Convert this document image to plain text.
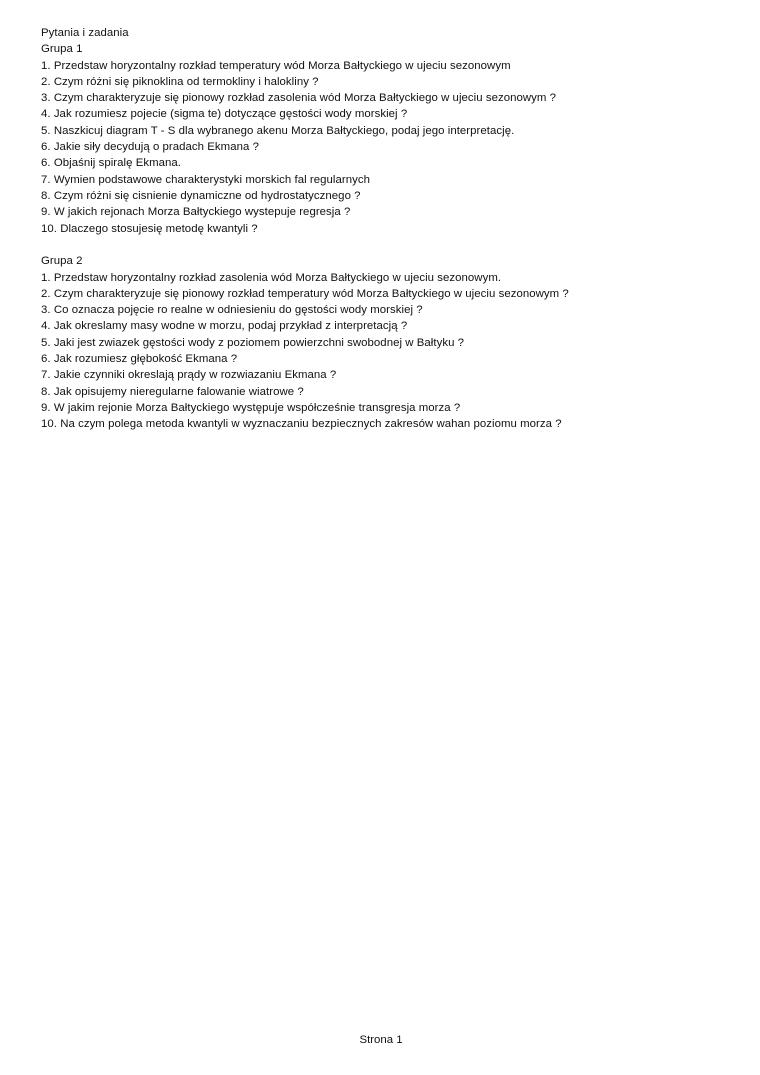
Pytania i zadania
Grupa 1
1. Przedstaw horyzontalny rozkład temperatury wód Morza Bałtyckiego w ujeciu sezonowym
2. Czym różni się piknoklina od termokliny i halokliny ?
3. Czym charakteryzuje się pionowy rozkład zasolenia wód Morza Bałtyckiego w ujeciu sezonowym ?
4. Jak rozumiesz pojecie (sigma te) dotyczące gęstości wody morskiej ?
5. Naszkicuj diagram T - S dla wybranego akenu Morza Bałtyckiego, podaj jego interpretację.
6. Jakie siły decydują o pradach Ekmana ?
6. Objaśnij spiralę Ekmana.
7. Wymien podstawowe charakterystyki morskich fal regularnych
8. Czym różni się cisnienie dynamiczne od hydrostatycznego ?
9. W jakich rejonach Morza Bałtyckiego wystepuje regresja ?
10. Dlaczego stosujesię metodę kwantyli ?
Grupa 2
1. Przedstaw horyzontalny rozkład zasolenia wód Morza Bałtyckiego w ujeciu sezonowym.
2. Czym charakteryzuje się pionowy rozkład temperatury wód Morza Bałtyckiego w ujeciu sezonowym ?
3. Co oznacza pojęcie ro realne w odniesieniu do gęstości wody morskiej ?
4. Jak okreslamy masy wodne w morzu, podaj przykład z interpretacją ?
5. Jaki jest zwiazek gęstości wody z poziomem powierzchni swobodnej w Bałtyku ?
6. Jak rozumiesz głębokość Ekmana ?
7. Jakie czynniki okreslają prądy w rozwiazaniu Ekmana ?
8. Jak opisujemy nieregularne falowanie wiatrowe ?
9. W jakim rejonie Morza Bałtyckiego występuje współcześnie transgresja morza ?
10. Na czym polega metoda kwantyli w wyznaczaniu bezpiecznych zakresów wahan poziomu morza ?
Strona 1
